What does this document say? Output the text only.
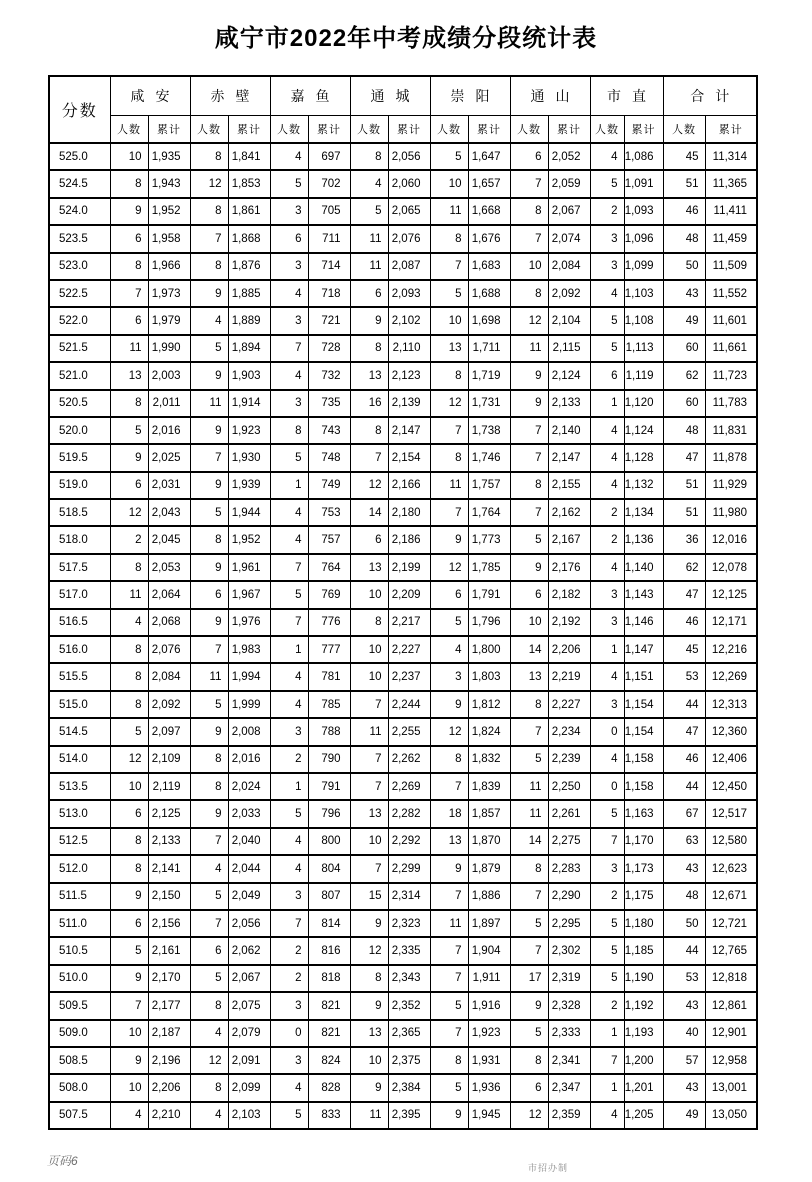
咸宁市2022年中考成绩分段统计表
分数	咸安		赤壁		嘉鱼		通城		崇阳		通山		市直		合计	
	人数	累计	人数	累计	人数	累计	人数	累计	人数	累计	人数	累计	人数	累计	人数	累计
525.0	10	1,935	8	1,841	4	697	8	2,056	5	1,647	6	2,052	4	1,086	45	11,314
524.5	8	1,943	12	1,853	5	702	4	2,060	10	1,657	7	2,059	5	1,091	51	11,365
524.0	9	1,952	8	1,861	3	705	5	2,065	11	1,668	8	2,067	2	1,093	46	11,411
523.5	6	1,958	7	1,868	6	711	11	2,076	8	1,676	7	2,074	3	1,096	48	11,459
523.0	8	1,966	8	1,876	3	714	11	2,087	7	1,683	10	2,084	3	1,099	50	11,509
522.5	7	1,973	9	1,885	4	718	6	2,093	5	1,688	8	2,092	4	1,103	43	11,552
522.0	6	1,979	4	1,889	3	721	9	2,102	10	1,698	12	2,104	5	1,108	49	11,601
521.5	11	1,990	5	1,894	7	728	8	2,110	13	1,711	11	2,115	5	1,113	60	11,661
521.0	13	2,003	9	1,903	4	732	13	2,123	8	1,719	9	2,124	6	1,119	62	11,723
520.5	8	2,011	11	1,914	3	735	16	2,139	12	1,731	9	2,133	1	1,120	60	11,783
520.0	5	2,016	9	1,923	8	743	8	2,147	7	1,738	7	2,140	4	1,124	48	11,831
519.5	9	2,025	7	1,930	5	748	7	2,154	8	1,746	7	2,147	4	1,128	47	11,878
519.0	6	2,031	9	1,939	1	749	12	2,166	11	1,757	8	2,155	4	1,132	51	11,929
518.5	12	2,043	5	1,944	4	753	14	2,180	7	1,764	7	2,162	2	1,134	51	11,980
518.0	2	2,045	8	1,952	4	757	6	2,186	9	1,773	5	2,167	2	1,136	36	12,016
517.5	8	2,053	9	1,961	7	764	13	2,199	12	1,785	9	2,176	4	1,140	62	12,078
517.0	11	2,064	6	1,967	5	769	10	2,209	6	1,791	6	2,182	3	1,143	47	12,125
516.5	4	2,068	9	1,976	7	776	8	2,217	5	1,796	10	2,192	3	1,146	46	12,171
516.0	8	2,076	7	1,983	1	777	10	2,227	4	1,800	14	2,206	1	1,147	45	12,216
515.5	8	2,084	11	1,994	4	781	10	2,237	3	1,803	13	2,219	4	1,151	53	12,269
515.0	8	2,092	5	1,999	4	785	7	2,244	9	1,812	8	2,227	3	1,154	44	12,313
514.5	5	2,097	9	2,008	3	788	11	2,255	12	1,824	7	2,234	0	1,154	47	12,360
514.0	12	2,109	8	2,016	2	790	7	2,262	8	1,832	5	2,239	4	1,158	46	12,406
513.5	10	2,119	8	2,024	1	791	7	2,269	7	1,839	11	2,250	0	1,158	44	12,450
513.0	6	2,125	9	2,033	5	796	13	2,282	18	1,857	11	2,261	5	1,163	67	12,517
512.5	8	2,133	7	2,040	4	800	10	2,292	13	1,870	14	2,275	7	1,170	63	12,580
512.0	8	2,141	4	2,044	4	804	7	2,299	9	1,879	8	2,283	3	1,173	43	12,623
511.5	9	2,150	5	2,049	3	807	15	2,314	7	1,886	7	2,290	2	1,175	48	12,671
511.0	6	2,156	7	2,056	7	814	9	2,323	11	1,897	5	2,295	5	1,180	50	12,721
510.5	5	2,161	6	2,062	2	816	12	2,335	7	1,904	7	2,302	5	1,185	44	12,765
510.0	9	2,170	5	2,067	2	818	8	2,343	7	1,911	17	2,319	5	1,190	53	12,818
509.5	7	2,177	8	2,075	3	821	9	2,352	5	1,916	9	2,328	2	1,192	43	12,861
509.0	10	2,187	4	2,079	0	821	13	2,365	7	1,923	5	2,333	1	1,193	40	12,901
508.5	9	2,196	12	2,091	3	824	10	2,375	8	1,931	8	2,341	7	1,200	57	12,958
508.0	10	2,206	8	2,099	4	828	9	2,384	5	1,936	6	2,347	1	1,201	43	13,001
507.5	4	2,210	4	2,103	5	833	11	2,395	9	1,945	12	2,359	4	1,205	49	13,050
页码6	市招办制
